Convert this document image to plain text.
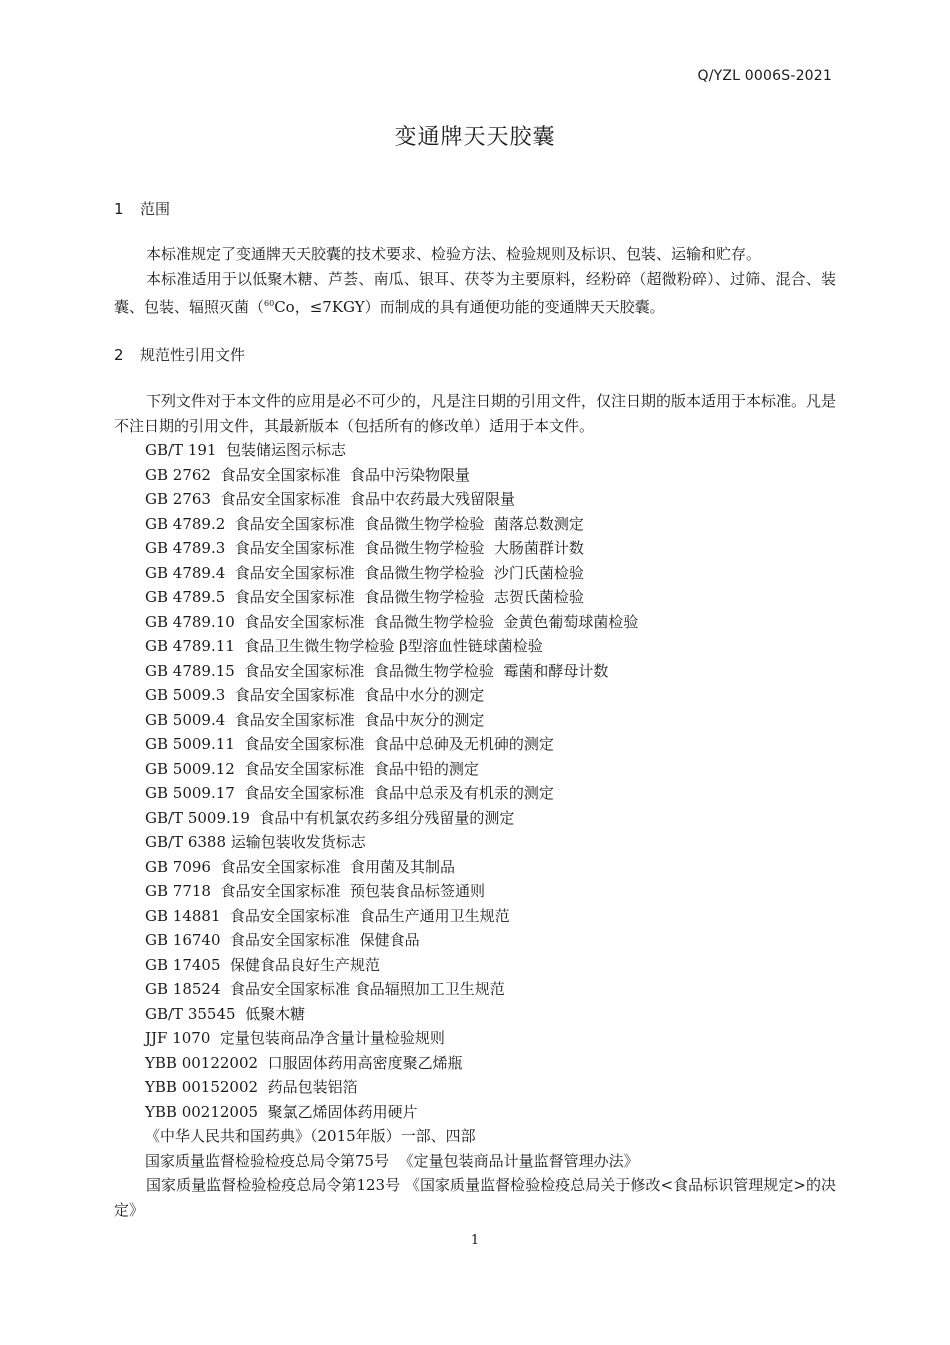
Q/YZL 0006S-2021
变通牌天天胶囊
1 范围
本标准规定了变通牌天天胶囊的技术要求、检验方法、检验规则及标识、包装、运输和贮存。
本标准适用于以低聚木糖、芦荟、南瓜、银耳、茯苓为主要原料，经粉碎（超微粉碎）、过筛、混合、装囊、包装、辐照灭菌（$^{60}$Co，≤7KGY）而制成的具有通便功能的变通牌天天胶囊。
2 规范性引用文件
下列文件对于本文件的应用是必不可少的，凡是注日期的引用文件，仅注日期的版本适用于本标准。凡是不注日期的引用文件，其最新版本（包括所有的修改单）适用于本文件。
GB/T 191  包装储运图示标志
GB 2762  食品安全国家标准  食品中污染物限量
GB 2763  食品安全国家标准  食品中农药最大残留限量
GB 4789.2  食品安全国家标准  食品微生物学检验  菌落总数测定
GB 4789.3  食品安全国家标准  食品微生物学检验  大肠菌群计数
GB 4789.4  食品安全国家标准  食品微生物学检验  沙门氏菌检验
GB 4789.5  食品安全国家标准  食品微生物学检验  志贺氏菌检验
GB 4789.10  食品安全国家标准  食品微生物学检验  金黄色葡萄球菌检验
GB 4789.11  食品卫生微生物学检验 β型溶血性链球菌检验
GB 4789.15  食品安全国家标准  食品微生物学检验  霉菌和酵母计数
GB 5009.3  食品安全国家标准  食品中水分的测定
GB 5009.4  食品安全国家标准  食品中灰分的测定
GB 5009.11  食品安全国家标准  食品中总砷及无机砷的测定
GB 5009.12  食品安全国家标准  食品中铅的测定
GB 5009.17  食品安全国家标准  食品中总汞及有机汞的测定
GB/T 5009.19  食品中有机氯农药多组分残留量的测定
GB/T 6388 运输包装收发货标志
GB 7096  食品安全国家标准  食用菌及其制品
GB 7718  食品安全国家标准  预包装食品标签通则
GB 14881  食品安全国家标准  食品生产通用卫生规范
GB 16740  食品安全国家标准  保健食品
GB 17405  保健食品良好生产规范
GB 18524  食品安全国家标准 食品辐照加工卫生规范
GB/T 35545  低聚木糖
JJF 1070  定量包装商品净含量计量检验规则
YBB 00122002  口服固体药用高密度聚乙烯瓶
YBB 00152002  药品包装铝箔
YBB 00212005  聚氯乙烯固体药用硬片
《中华人民共和国药典》（2015年版）一部、四部
国家质量监督检验检疫总局令第75号  《定量包装商品计量监督管理办法》
国家质量监督检验检疫总局令第123号 《国家质量监督检验检疫总局关于修改<食品标识管理规定>的决定》
1
